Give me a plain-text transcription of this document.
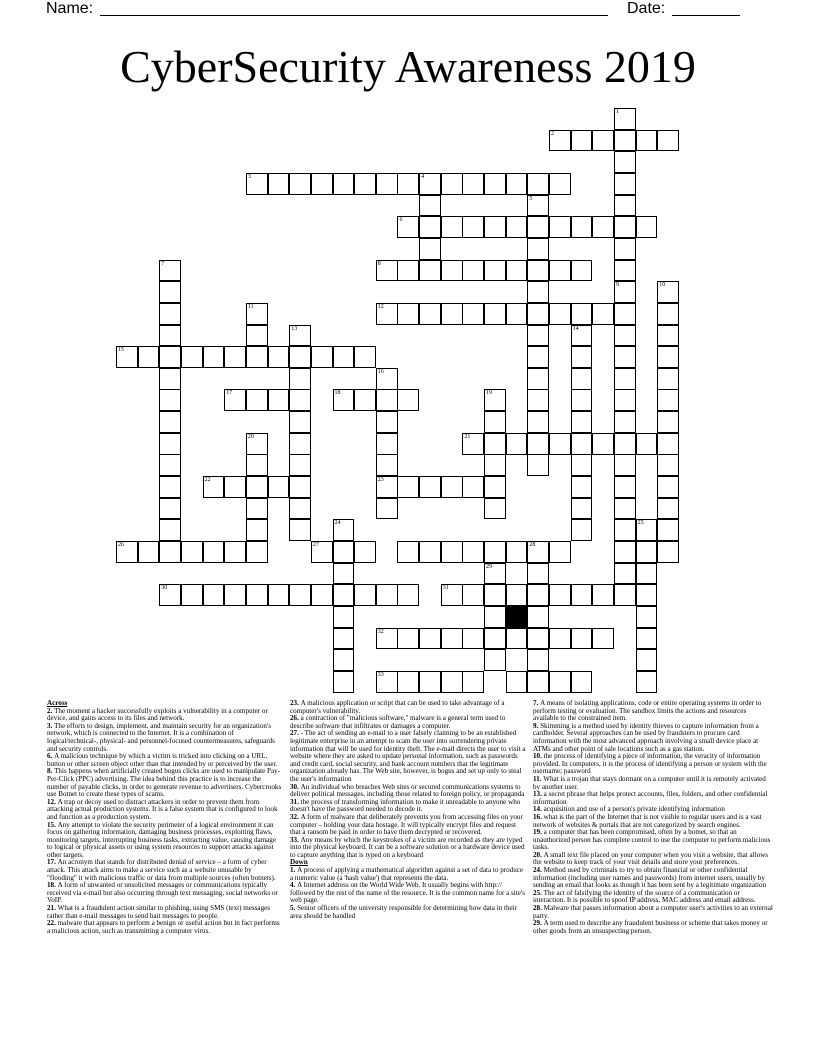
Name:	Date:
CyberSecurity Awareness 2019
1
9
2
3	4
5
6
7	8
10
11	12
13	14
15
16
23
17	18	19
20	21
22
24	25
26	27	28
29
30	31
32
33
Across
2. The moment a hacker successfully exploits a vulnerability in a computer or device, and gains access to its files and network.
3. The efforts to design, implement, and maintain security for an organization's network, which is connected to the Internet. It is a combination of logical/technical-, physical- and personnel-focused countermeasures, safeguards and security controls.
6. A malicious technique by which a victim is tricked into clicking on a URL, button or other screen object other than that intended by or perceived by the user.
8. This happens when artificially created bogus clicks are used to manipulate Pay-Per-Click (PPC) advertising. The idea behind this practice is to increase the number of payable clicks, in order to generate revenue to advertisers. Cybercrooks use Botnet to create these types of scams.
12. A trap or decoy used to distract attackers in order to prevent them from attacking actual production systems. It is a false system that is configured to look and function as a production system.
15. Any attempt to violate the security perimeter of a logical environment it can focus on gathering information, damaging business processes, exploiting flaws, monitoring targets, interrupting business tasks, extracting value, causing damage to logical or physical assets or using system resources to support attacks against other targets.
17. An acronym that stands for distributed denial of service – a form of cyber attack. This attack aims to make a service such as a website unusable by "flooding" it with malicious traffic or data from multiple sources (often botnets).
18. A form of unwanted or unsolicited messages or communications typically received via e-mail but also occurring through text messaging, social networks or VoIP.
21. What is a fraudulent action similar to phishing, using SMS (text) messages rather than e-mail messages to send bait messages to people.
22. malware that appears to perform a benign or useful action but in fact performs a malicious action, such as transmitting a computer virus.
23. A malicious application or script that can be used to take advantage of a computer's vulnerability.
26. a contraction of "malicious software," malware is a general term used to describe software that infiltrates or damages a computer.
27. - The act of sending an e-mail to a user falsely claiming to be an established legitimate enterprise in an attempt to scam the user into surrendering private information that will be used for identity theft. The e-mail directs the user to visit a website where they are asked to update personal information, such as passwords and credit card, social security, and bank account numbers that the legitimate organization already has. The Web site, however, is bogus and set up only to steal the user's information
30. An individual who breaches Web sites or secured communications systems to deliver political messages, including those related to foreign policy, or propaganda
31. the process of transforming information to make it unreadable to anyone who doesn't have the password needed to decode it.
32. A form of malware that deliberately prevents you from accessing files on your computer – holding your data hostage. It will typically encrypt files and request that a ransom be paid in order to have them decrypted or recovered.
33. Any means by which the keystrokes of a victim are recorded as they are typed into the physical keyboard. It can be a software solution or a hardware device used to capture anything that is typed on a keyboard
Down
1. A process of applying a mathematical algorithm against a set of data to produce a numeric value (a 'hash value') that represents the data.
4. A Internet address on the World Wide Web. It usually begins with http:// followed by the rest of the name of the resource. It is the common name for a site's web page.
5. Senior officers of the university responsible for determining how data in their area should be handled
7. A means of isolating applications, code or entire operating systems in order to perform testing or evaluation. The sandbox limits the actions and resources available to the constrained item.
9. Skimming is a method used by identity thieves to capture information from a cardholder. Several approaches can be used by fraudsters to procure card information with the most advanced approach involving a small device place at ATMs and other point of sale locations such as a gas station.
10. the process of identifying a piece of information, the veracity of information provided. In computers, it is the process of identifying a person or system with the username; password
11. What is a trojan that stays dormant on a computer until it is remotely activated by another user.
13. a secret phrase that helps protect accounts, files, folders, and other confidential information
14. acquisition and use of a person's private identifying information
16. what is the part of the Internet that is not visible to regular users and is a vast network of websites & portals that are not categorized by search engines.
19. a computer that has been compromised, often by a botnet, so that an unauthorized person has complete control to use the computer to perform malicious tasks.
20. A small text file placed on your computer when you visit a website, that allows the website to keep track of your visit details and store your preferences.
24. Method used by criminals to try to obtain financial or other confidential information (including user names and passwords) from internet users, usually by sending an email that looks as though it has been sent by a legitimate organization
25. The act of falsifying the identity of the source of a communication or interaction. It is possible to spoof IP address, MAC address and email address.
28. Malware that passes information about a computer user's activities to an external party.
29. A term used to describe any fraudulent business or scheme that takes money or other goods from an unsuspecting person.
